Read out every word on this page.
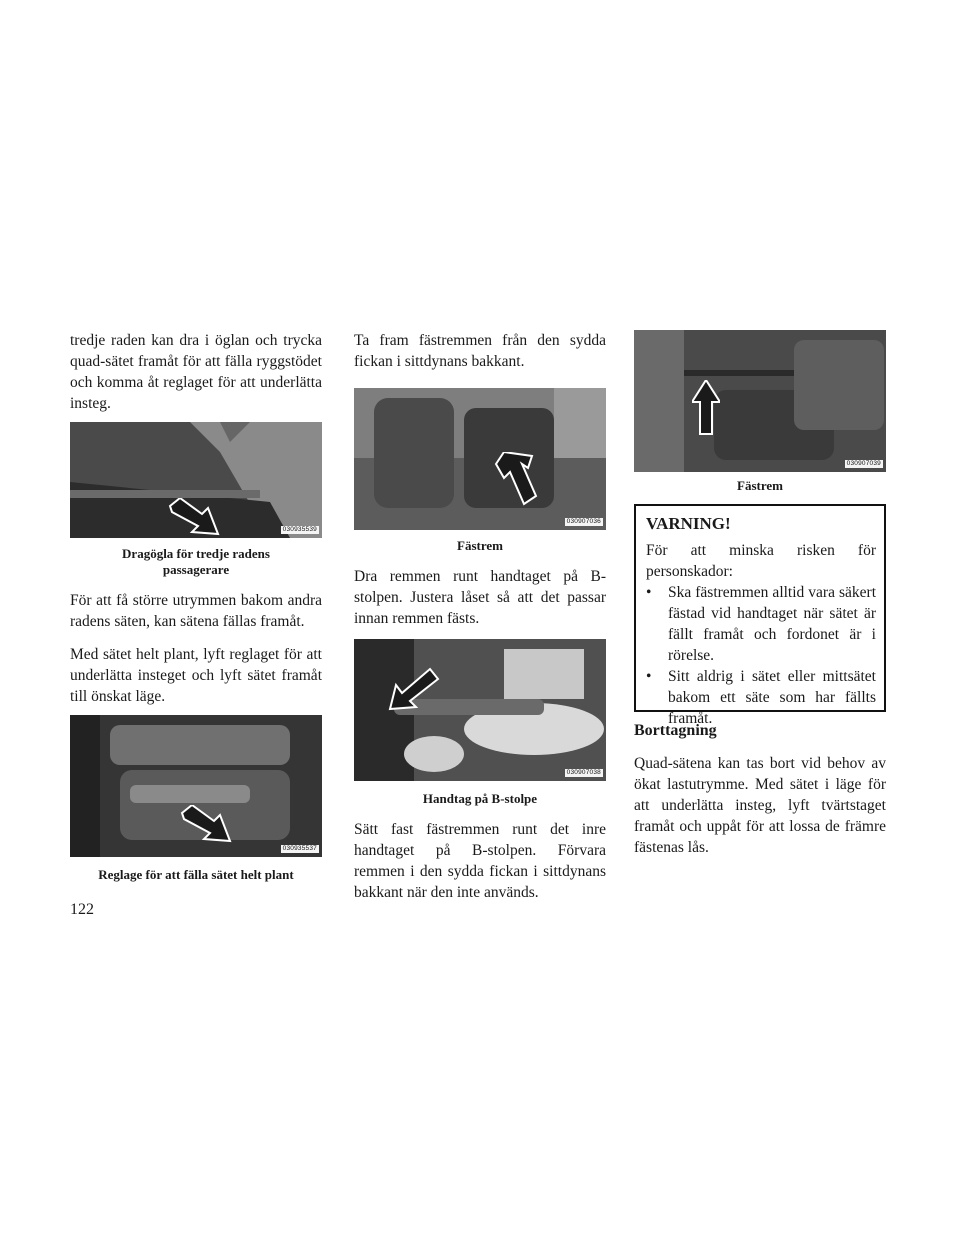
tredje raden kan dra i öglan och trycka quad-sätet framåt för att fälla ryggstödet och komma åt reglaget för att underlätta insteg.

030935539
Dragögla för tredje radens
passagerare

För att få större utrymmen bakom andra radens säten, kan sätena fällas framåt.

Med sätet helt plant, lyft reglaget för att underlätta insteget och lyft sätet framåt till önskat läge.

030935537
Reglage för att fälla sätet helt plant

Ta fram fästremmen från den sydda fickan i sittdynans bakkant.

030907036
Fästrem

Dra remmen runt handtaget på B-stolpen. Justera låset så att det passar innan remmen fästs.

030907038
Handtag på B-stolpe

Sätt fast fästremmen runt det inre handtaget på B-stolpen. Förvara remmen i den sydda fickan i sittdynans bakkant när den inte används.

030907039
Fästrem
VARNING!

För att minska risken för personskador:

• Ska fästremmen alltid vara säkert fästad vid handtaget när sätet är fällt framåt och fordonet är i rörelse.
• Sitt aldrig i sätet eller mittsätet bakom ett säte som har fällts framåt.
Borttagning

Quad-sätena kan tas bort vid behov av ökat lastutrymme. Med sätet i läge för att underlätta insteg, lyft tvärtstaget framåt och uppåt för att lossa de främre fästenas lås.

122
